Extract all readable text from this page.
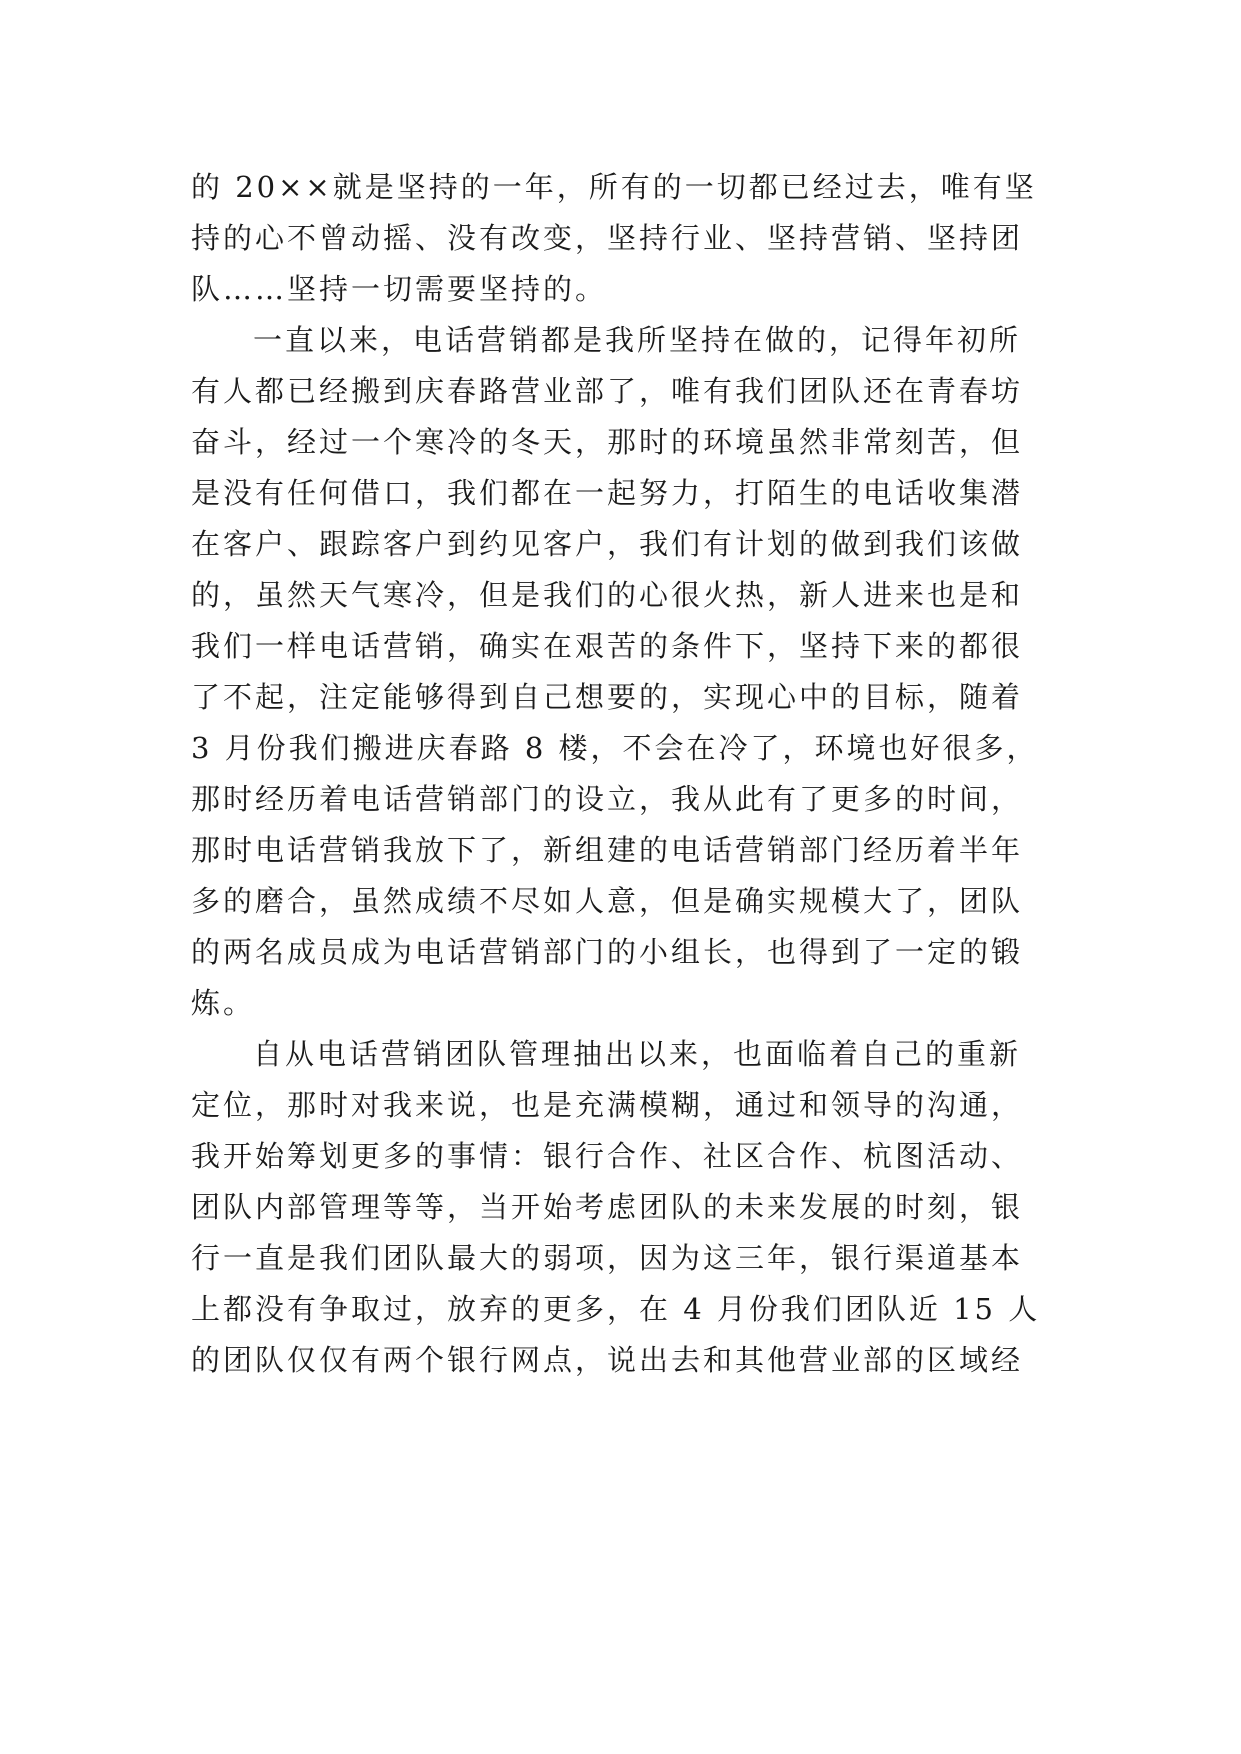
的 20××就是坚持的一年，所有的一切都已经过去，唯有坚
持的心不曾动摇、没有改变，坚持行业、坚持营销、坚持团
队……坚持一切需要坚持的。
一直以来，电话营销都是我所坚持在做的，记得年初所
有人都已经搬到庆春路营业部了，唯有我们团队还在青春坊
奋斗，经过一个寒冷的冬天，那时的环境虽然非常刻苦，但
是没有任何借口，我们都在一起努力，打陌生的电话收集潜
在客户、跟踪客户到约见客户，我们有计划的做到我们该做
的，虽然天气寒冷，但是我们的心很火热，新人进来也是和
我们一样电话营销，确实在艰苦的条件下，坚持下来的都很
了不起，注定能够得到自己想要的，实现心中的目标，随着
3 月份我们搬进庆春路 8 楼，不会在冷了，环境也好很多，
那时经历着电话营销部门的设立，我从此有了更多的时间，
那时电话营销我放下了，新组建的电话营销部门经历着半年
多的磨合，虽然成绩不尽如人意，但是确实规模大了，团队
的两名成员成为电话营销部门的小组长，也得到了一定的锻
炼。
自从电话营销团队管理抽出以来，也面临着自己的重新
定位，那时对我来说，也是充满模糊，通过和领导的沟通，
我开始筹划更多的事情：银行合作、社区合作、杭图活动、
团队内部管理等等，当开始考虑团队的未来发展的时刻，银
行一直是我们团队最大的弱项，因为这三年，银行渠道基本
上都没有争取过，放弃的更多，在 4 月份我们团队近 15 人
的团队仅仅有两个银行网点，说出去和其他营业部的区域经
